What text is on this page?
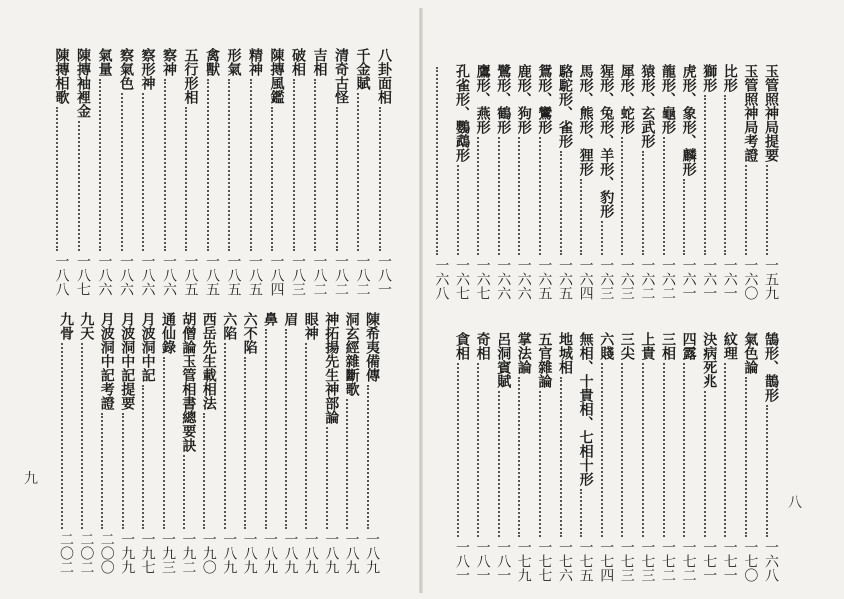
八卦面相
一八一
千金賦
一八二
清奇古怪
一八二
吉相
一八二
破相
一八三
陳摶風鑑
一八四
精神
一八五
形氣
一八五
禽獸
一八五
五行形相
一八五
察神
一八六
察形神
一八六
察氣色
一八六
氣量
一八六
陳摶袖裡金
一八七
陳摶相歌
一八八
陳希夷備傳
一八九
洞玄經雜斷歌
一八九
神拓揚先生神部論
一八九
眼神
一八九
眉
一八九
鼻
一八九
六不陷
一八九
六陷
一八九
西岳先生載相法
一九〇
胡僧論玉管相書總要訣
一九二
通仙錄
一九三
月波洞中記
一九七
月波洞中記提要
一九九
月波洞中記考證
二〇〇
九天
二〇二
九骨
二〇二
九
玉管照神局提要
一五九
玉管照神局考證
一六〇
比形
一六一
獅形
一六一
虎形、象形、麟形
一六一
龍形、龜形
一六二
猿形、玄武形
一六二
犀形、蛇形
一六三
猩形、兔形、羊形、豹形
一六三
馬形、熊形、狸形
一六四
駱駝形、雀形
一六五
鴛形、鸞形
一六五
鹿形、狗形
一六六
鷺形、鶴形
一六六
鷹形、燕形
一六七
孔雀形、鸚鵡形
一六七
一六八
鵠形、鵲形
一六八
氣色論
一七〇
紋理
一七一
決病死兆
一七一
四露
一七二
三相
一七二
上貴
一七三
三尖
一七三
六賤
一七四
無相、十貴相、七相十形
一七五
地城相
一七六
五官雜論
一七七
掌法論
一七九
呂洞賓賦
一八一
奇相
一八一
貪相
一八一
八
